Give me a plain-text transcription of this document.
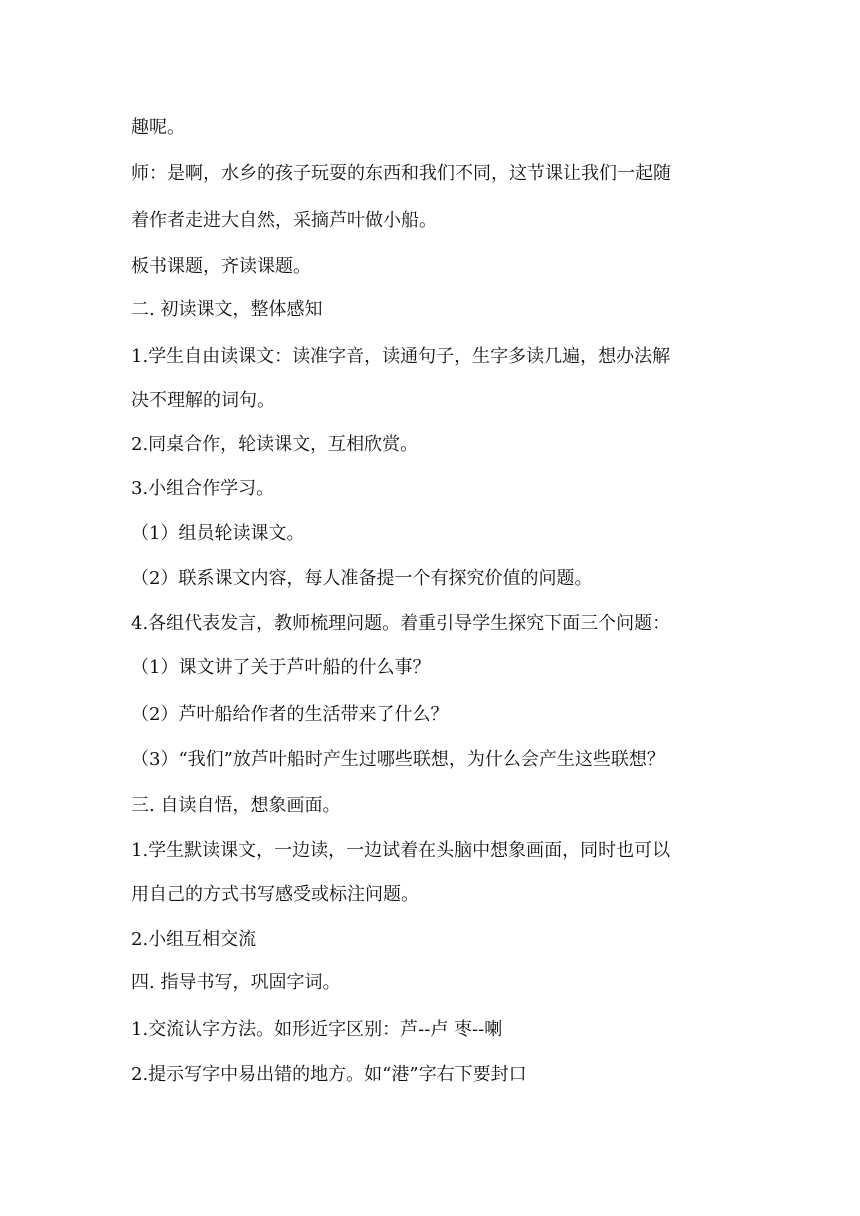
趣呢。
师：是啊，水乡的孩子玩耍的东西和我们不同，这节课让我们一起随
着作者走进大自然，采摘芦叶做小船。
板书课题，齐读课题。
二. 初读课文，整体感知
1.学生自由读课文：读准字音，读通句子，生字多读几遍，想办法解
决不理解的词句。
2.同桌合作，轮读课文，互相欣赏。
3.小组合作学习。
（1）组员轮读课文。
（2）联系课文内容，每人准备提一个有探究价值的问题。
4.各组代表发言，教师梳理问题。着重引导学生探究下面三个问题：
（1）课文讲了关于芦叶船的什么事？
（2）芦叶船给作者的生活带来了什么？
（3）“我们”放芦叶船时产生过哪些联想，为什么会产生这些联想？
三. 自读自悟，想象画面。
1.学生默读课文，一边读，一边试着在头脑中想象画面，同时也可以
用自己的方式书写感受或标注问题。
2.小组互相交流
四. 指导书写，巩固字词。
1.交流认字方法。如形近字区别：芦--卢 枣--喇
2.提示写字中易出错的地方。如“港”字右下要封口
